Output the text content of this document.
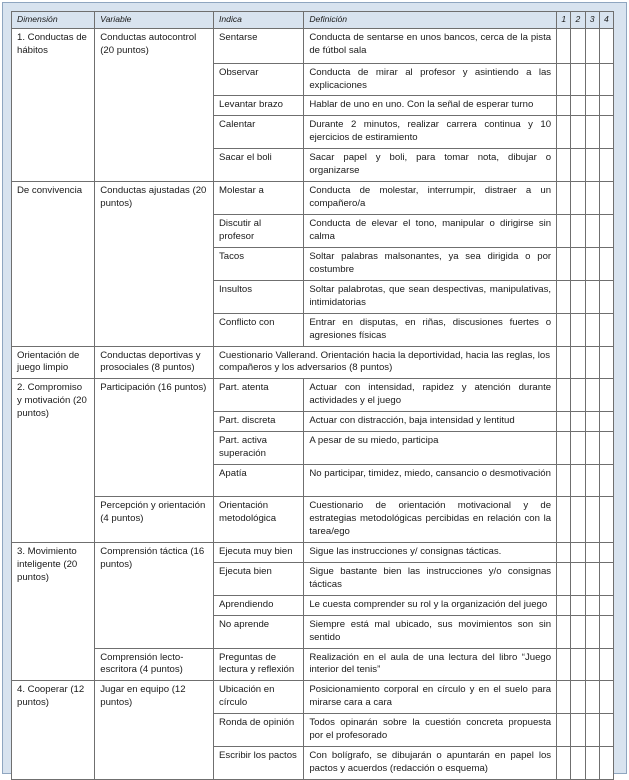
Dimensión	Variable	Indica	Definición	1	2	3	4
1. Conductas de hábitos	Conductas autocontrol (20 puntos)	Sentarse	Conducta de sentarse en unos bancos, cerca de la pista de fútbol sala				
		Observar	Conducta de mirar al profesor y asintiendo a las explicaciones				
		Levantar brazo	Hablar de uno en uno. Con la señal de esperar turno				
		Calentar	Durante 2 minutos, realizar carrera continua y 10 ejercicios de estiramiento				
		Sacar el boli	Sacar papel y boli, para tomar nota, dibujar o organizarse				
De convivencia	Conductas ajustadas (20 puntos)	Molestar a	Conducta de molestar, interrumpir, distraer a un compañero/a				
		Discutir al profesor	Conducta de elevar el tono, manipular o dirigirse sin calma				
		Tacos	Soltar palabras malsonantes, ya sea dirigida o por costumbre				
		Insultos	Soltar palabrotas, que sean despectivas, manipulativas, intimidatorias				
		Conflicto con	Entrar en disputas, en riñas, discusiones fuertes o agresiones físicas				
Orientación de juego limpio	Conductas deportivas y prosociales (8 puntos)	Cuestionario Vallerand. Orientación hacia la deportividad, hacia las reglas, los compañeros y los adversarios (8 puntos)					
2. Compromiso y motivación (20 puntos)	Participación (16 puntos)	Part. atenta	Actuar con intensidad, rapidez y atención durante actividades y el juego				
		Part. discreta	Actuar con distracción, baja intensidad y lentitud				
		Part. activa superación	A pesar de su miedo, participa				
		Apatía	No participar, timidez, miedo, cansancio o desmotivación				
	Percepción y orientación (4 puntos)	Orientación metodológica	Cuestionario de orientación motivacional y de estrategias metodológicas percibidas en relación con la tarea/ego				
3. Movimiento inteligente (20 puntos)	Comprensión táctica (16 puntos)	Ejecuta muy bien	Sigue las instrucciones y/ consignas tácticas.				
		Ejecuta bien	Sigue bastante bien las instrucciones y/o consignas tácticas				
		Aprendiendo	Le cuesta comprender su rol y la organización del juego				
		No aprende	Siempre está mal ubicado, sus movimientos son sin sentido				
	Comprensión lecto-escritora (4 puntos)	Preguntas de lectura y reflexión	Realización en el aula de una lectura del libro “Juego interior del tenis”				
4. Cooperar (12 puntos)	Jugar en equipo (12 puntos)	Ubicación en círculo	Posicionamiento corporal en círculo y en el suelo para mirarse cara a cara				
		Ronda de opinión	Todos opinarán sobre la cuestión concreta propuesta por el profesorado				
		Escribir los pactos	Con bolígrafo, se dibujarán o apuntarán en papel los pactos y acuerdos (redacción o esquema)				
